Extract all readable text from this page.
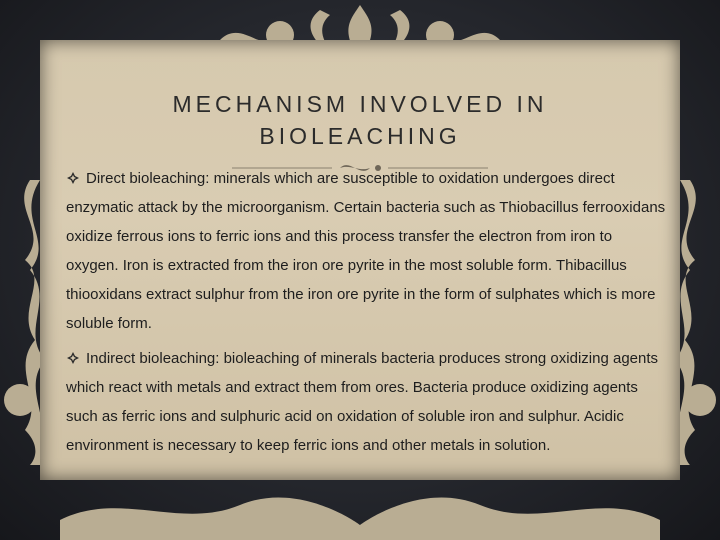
MECHANISM INVOLVED IN
BIOLEACHING

Direct bioleaching: minerals which are susceptible to oxidation undergoes direct enzymatic attack by the microorganism. Certain bacteria such as Thiobacillus ferrooxidans oxidize ferrous ions to ferric ions and this process transfer the electron from iron to oxygen. Iron is extracted from the iron ore pyrite in the most soluble form. Thibacillus thiooxidans extract sulphur from the iron ore pyrite in the form of sulphates which is more soluble form.

Indirect bioleaching: bioleaching of minerals bacteria produces strong oxidizing agents which react with metals and extract them from ores. Bacteria produce oxidizing agents such as ferric ions and sulphuric acid on oxidation of soluble iron and sulphur. Acidic environment is necessary to keep ferric ions and other metals in solution.
